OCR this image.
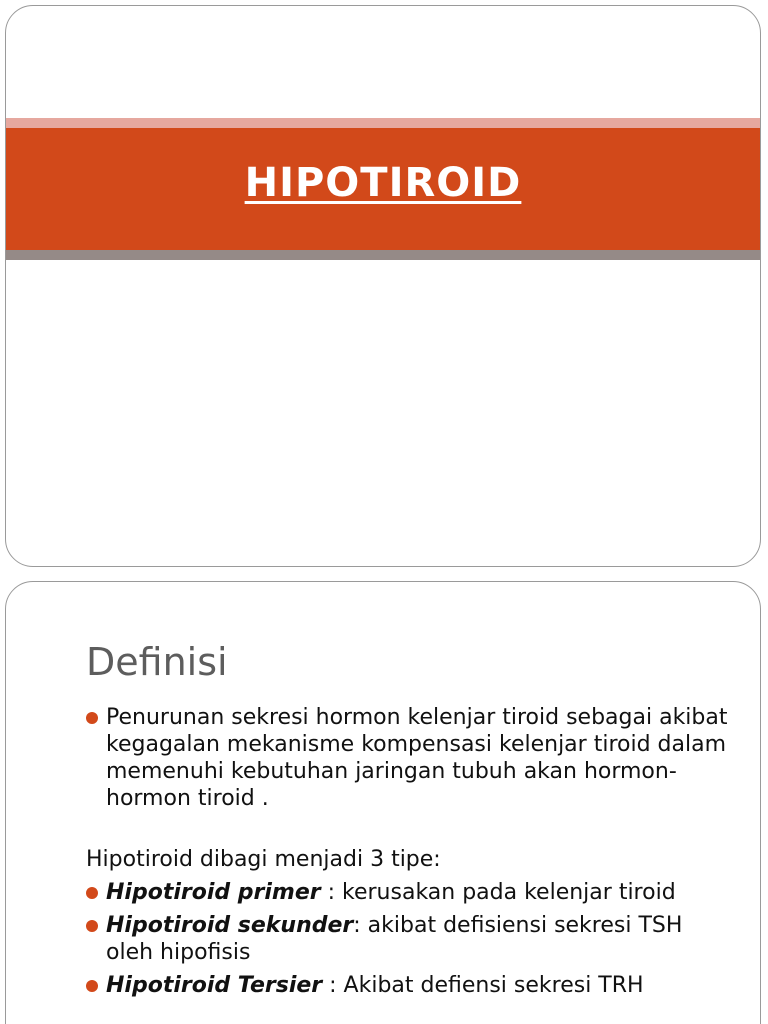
HIPOTIROID
Definisi
Penurunan sekresi hormon kelenjar tiroid sebagai akibat kegagalan mekanisme kompensasi kelenjar tiroid dalam memenuhi kebutuhan jaringan tubuh akan hormon-hormon tiroid .
Hipotiroid dibagi menjadi 3 tipe:
Hipotiroid primer : kerusakan pada kelenjar tiroid
Hipotiroid sekunder: akibat defisiensi sekresi TSH oleh hipofisis
Hipotiroid Tersier : Akibat defiensi sekresi TRH
